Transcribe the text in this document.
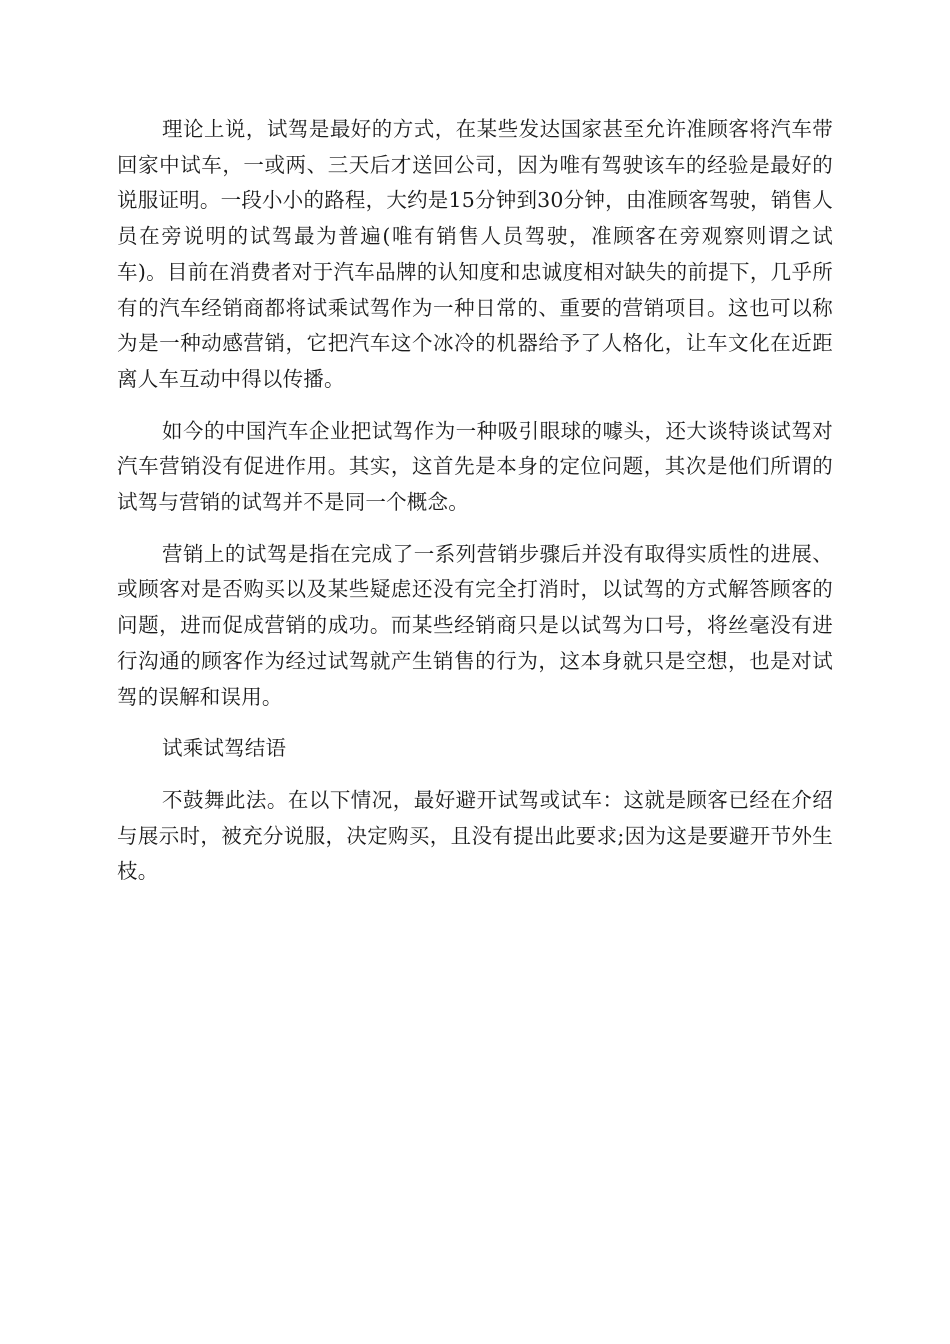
理论上说，试驾是最好的方式，在某些发达国家甚至允许准顾客将汽车带回家中试车，一或两、三天后才送回公司，因为唯有驾驶该车的经验是最好的说服证明。一段小小的路程，大约是15分钟到30分钟，由准顾客驾驶，销售人员在旁说明的试驾最为普遍(唯有销售人员驾驶，准顾客在旁观察则谓之试车)。目前在消费者对于汽车品牌的认知度和忠诚度相对缺失的前提下，几乎所有的汽车经销商都将试乘试驾作为一种日常的、重要的营销项目。这也可以称为是一种动感营销，它把汽车这个冰冷的机器给予了人格化，让车文化在近距离人车互动中得以传播。

如今的中国汽车企业把试驾作为一种吸引眼球的噱头，还大谈特谈试驾对汽车营销没有促进作用。其实，这首先是本身的定位问题，其次是他们所谓的试驾与营销的试驾并不是同一个概念。

营销上的试驾是指在完成了一系列营销步骤后并没有取得实质性的进展、或顾客对是否购买以及某些疑虑还没有完全打消时，以试驾的方式解答顾客的问题，进而促成营销的成功。而某些经销商只是以试驾为口号，将丝毫没有进行沟通的顾客作为经过试驾就产生销售的行为，这本身就只是空想，也是对试驾的误解和误用。

试乘试驾结语

不鼓舞此法。在以下情况，最好避开试驾或试车：这就是顾客已经在介绍与展示时，被充分说服，决定购买，且没有提出此要求;因为这是要避开节外生枝。
